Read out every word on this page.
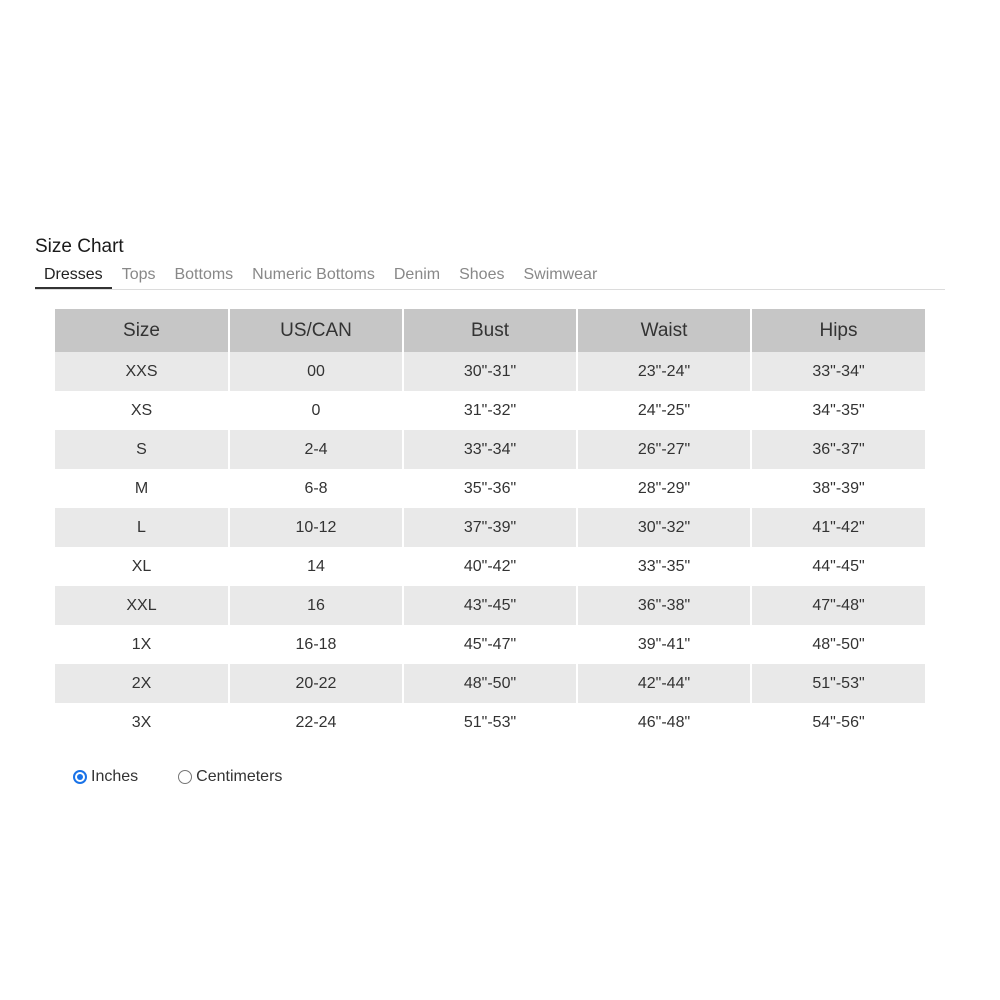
Size Chart
Dresses	Tops	Bottoms	Numeric Bottoms	Denim	Shoes	Swimwear
Size	US/CAN	Bust	Waist	Hips
XXS	00	30"-31"	23"-24"	33"-34"
XS	0	31"-32"	24"-25"	34"-35"
S	2-4	33"-34"	26"-27"	36"-37"
M	6-8	35"-36"	28"-29"	38"-39"
L	10-12	37"-39"	30"-32"	41"-42"
XL	14	40"-42"	33"-35"	44"-45"
XXL	16	43"-45"	36"-38"	47"-48"
1X	16-18	45"-47"	39"-41"	48"-50"
2X	20-22	48"-50"	42"-44"	51"-53"
3X	22-24	51"-53"	46"-48"	54"-56"
Inches	Centimeters
